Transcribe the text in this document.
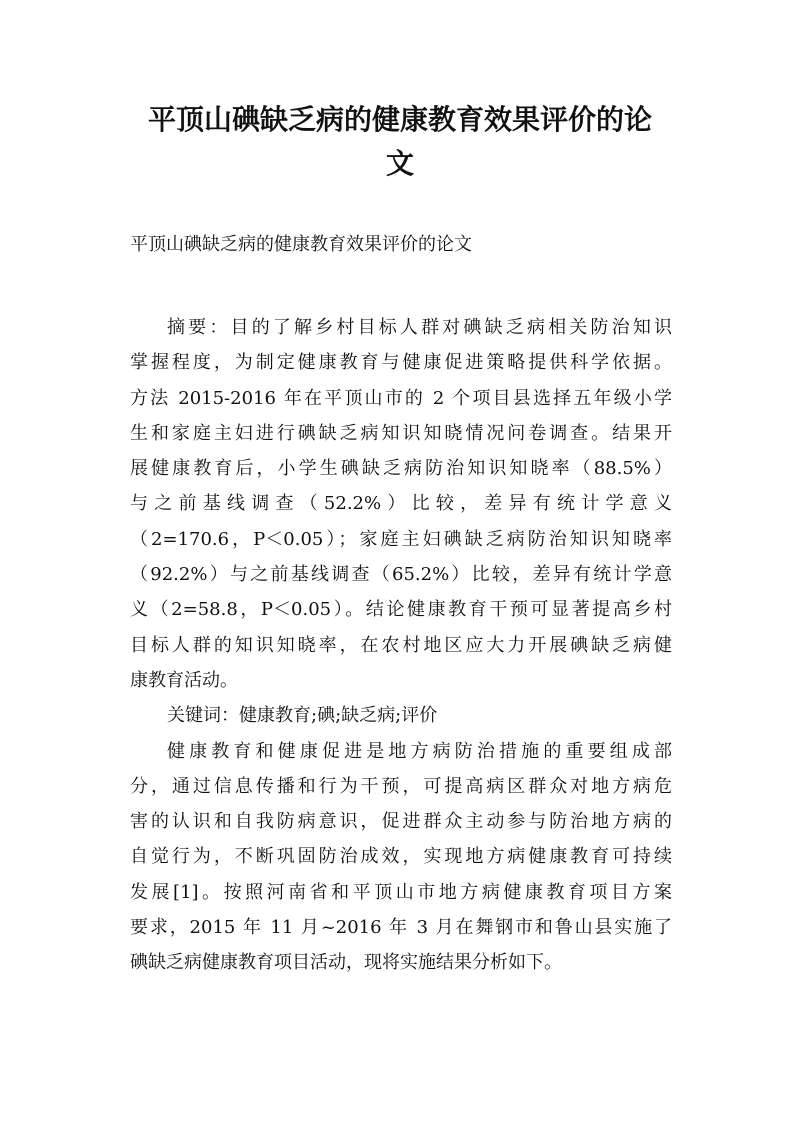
平顶山碘缺乏病的健康教育效果评价的论
文
平顶山碘缺乏病的健康教育效果评价的论文
摘要：目的了解乡村目标人群对碘缺乏病相关防治知识
掌握程度，为制定健康教育与健康促进策略提供科学依据。
方法 2015-2016 年在平顶山市的 2 个项目县选择五年级小学
生和家庭主妇进行碘缺乏病知识知晓情况问卷调查。结果开
展健康教育后，小学生碘缺乏病防治知识知晓率（88.5%）
与之前基线调查（52.2%）比较，差异有统计学意义
（2=170.6，P＜0.05）；家庭主妇碘缺乏病防治知识知晓率
（92.2%）与之前基线调查（65.2%）比较，差异有统计学意
义（2=58.8，P＜0.05）。结论健康教育干预可显著提高乡村
目标人群的知识知晓率，在农村地区应大力开展碘缺乏病健
康教育活动。
关键词：健康教育;碘;缺乏病;评价
健康教育和健康促进是地方病防治措施的重要组成部
分，通过信息传播和行为干预，可提高病区群众对地方病危
害的认识和自我防病意识，促进群众主动参与防治地方病的
自觉行为，不断巩固防治成效，实现地方病健康教育可持续
发展[1]。按照河南省和平顶山市地方病健康教育项目方案
要求，2015 年 11 月~2016 年 3 月在舞钢市和鲁山县实施了
碘缺乏病健康教育项目活动，现将实施结果分析如下。
